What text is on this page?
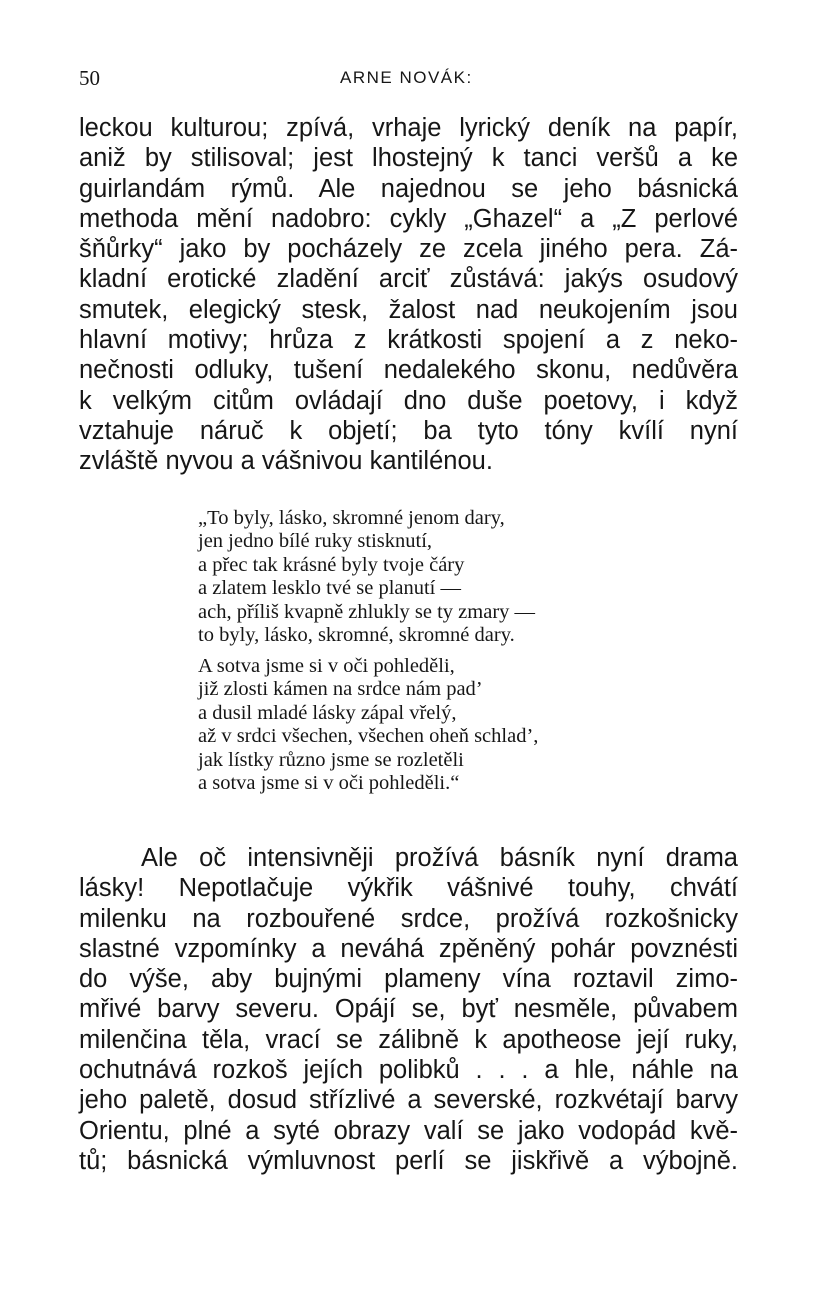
50	ARNE NOVÁK:
leckou kulturou; zpívá, vrhaje lyrický deník na papír,
aniž by stilisoval; jest lhostejný k tanci veršů a ke
guirlandám rýmů. Ale najednou se jeho básnická
methoda mění nadobro: cykly „Ghazel“ a „Z perlové
šňůrky“ jako by pocházely ze zcela jiného pera. Zá-
kladní erotické zladění arciť zůstává: jakýs osudový
smutek, elegický stesk, žalost nad neukojením jsou
hlavní motivy; hrůza z krátkosti spojení a z neko-
nečnosti odluky, tušení nedalekého skonu, nedůvěra
k velkým citům ovládají dno duše poetovy, i když
vztahuje náruč k objetí; ba tyto tóny kvílí nyní
zvláště nyvou a vášnivou kantilénou.
„To byly, lásko, skromné jenom dary,
jen jedno bílé ruky stisknutí,
a přec tak krásné byly tvoje čáry
a zlatem lesklo tvé se planutí —
ach, příliš kvapně zhlukly se ty zmary —
to byly, lásko, skromné, skromné dary.
A sotva jsme si v oči pohleděli,
již zlosti kámen na srdce nám pad’
a dusil mladé lásky zápal vřelý,
až v srdci všechen, všechen oheň schlad’,
jak lístky různo jsme se rozletěli
a sotva jsme si v oči pohleděli.“
Ale oč intensivněji prožívá básník nyní drama
lásky! Nepotlačuje výkřik vášnivé touhy, chvátí
milenku na rozbouřené srdce, prožívá rozkošnicky
slastné vzpomínky a neváhá zpěněný pohár povznésti
do výše, aby bujnými plameny vína roztavil zimo-
mřivé barvy severu. Opájí se, byť nesměle, půvabem
milenčina těla, vrací se zálibně k apotheose její ruky,
ochutnává rozkoš jejích polibků . . . a hle, náhle na
jeho paletě, dosud střízlivé a severské, rozkvétají barvy
Orientu, plné a syté obrazy valí se jako vodopád kvě-
tů; básnická výmluvnost perlí se jiskřivě a výbojně.
